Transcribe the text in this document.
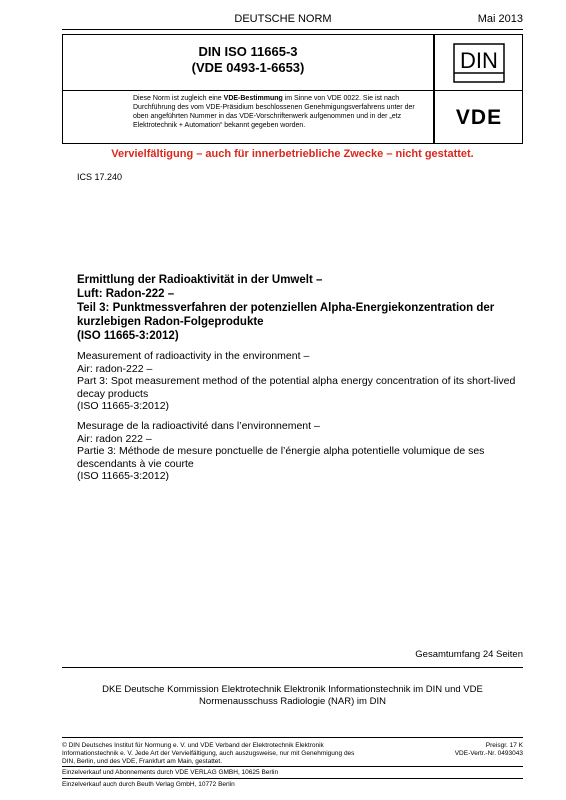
DEUTSCHE NORM	Mai 2013
DIN ISO 11665-3
(VDE 0493-1-6653)	DIN
Diese Norm ist zugleich eine VDE-Bestimmung im Sinne von VDE 0022. Sie ist nach Durchführung des vom VDE-Präsidium beschlossenen Genehmigungsverfahrens unter der oben angeführten Nummer in das VDE-Vorschriftenwerk aufgenommen und in der „etz Elektrotechnik + Automation“ bekannt gegeben worden.	VDE
Vervielfältigung – auch für innerbetriebliche Zwecke – nicht gestattet.
ICS 17.240
Ermittlung der Radioaktivität in der Umwelt –
Luft: Radon-222 –
Teil 3: Punktmessverfahren der potenziellen Alpha-Energiekonzentration der kurzlebigen Radon-Folgeprodukte
(ISO 11665-3:2012)
Measurement of radioactivity in the environment –
Air: radon-222 –
Part 3: Spot measurement method of the potential alpha energy concentration of its short-lived decay products
(ISO 11665-3:2012)
Mesurage de la radioactivité dans l’environnement –
Air: radon 222 –
Partie 3: Méthode de mesure ponctuelle de l’énergie alpha potentielle volumique de ses descendants à vie courte
(ISO 11665-3:2012)
Gesamtumfang 24 Seiten
DKE Deutsche Kommission Elektrotechnik Elektronik Informationstechnik im DIN und VDE
Normenausschuss Radiologie (NAR) im DIN
© DIN Deutsches Institut für Normung e. V. und VDE Verband der Elektrotechnik Elektronik Informationstechnik e. V. Jede Art der Vervielfältigung, auch auszugsweise, nur mit Genehmigung des DIN, Berlin, und des VDE, Frankfurt am Main, gestattet.
Preisgr. 17 K
VDE-Vertr.-Nr. 0493043
Einzelverkauf und Abonnements durch VDE VERLAG GMBH, 10625 Berlin
Einzelverkauf auch durch Beuth Verlag GmbH, 10772 Berlin
